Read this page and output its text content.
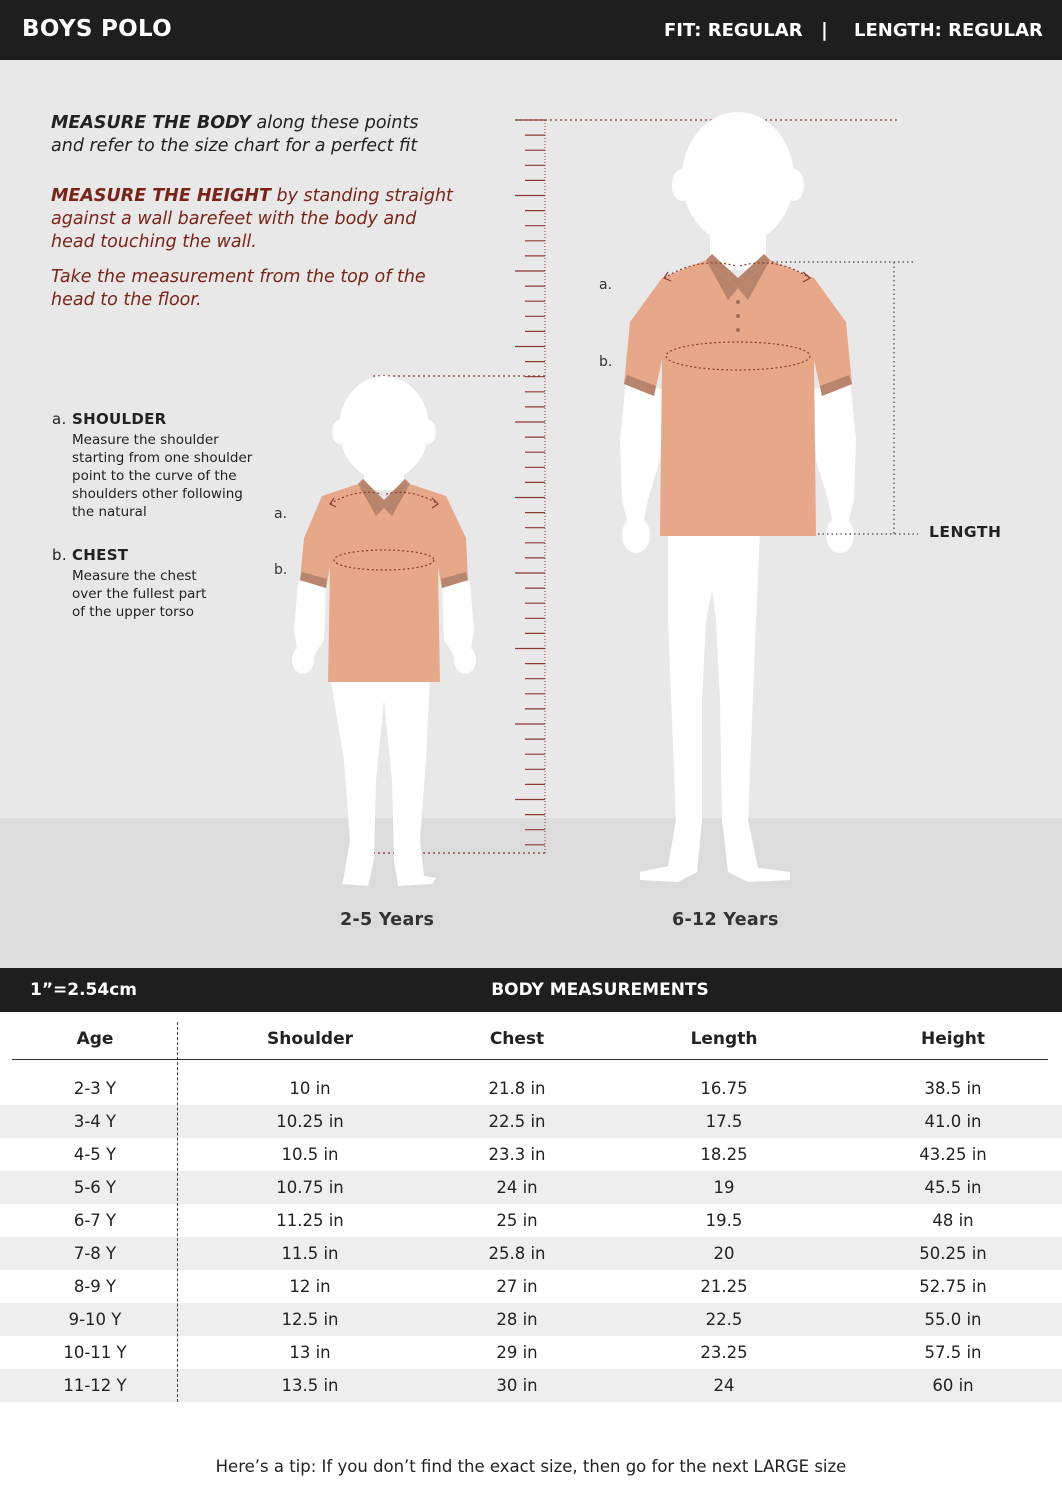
BOYS POLO	FIT: REGULAR | LENGTH: REGULAR
MEASURE THE BODY along these points
and refer to the size chart for a perfect fit
MEASURE THE HEIGHT by standing straight
against a wall barefeet with the body and
head touching the wall.
Take the measurement from the top of the
head to the floor.
a. SHOULDER
Measure the shoulder
starting from one shoulder
point to the curve of the
shoulders other following
the natural
b. CHEST
Measure the chest
over the fullest part
of the upper torso
a.
b.
a.
b.
LENGTH
2-5 Years	6-12 Years
1”=2.54cm	BODY MEASUREMENTS
Age	Shoulder	Chest	Length	Height

2-3 Y	10 in	21.8 in	16.75	38.5 in
3-4 Y	10.25 in	22.5 in	17.5	41.0 in
4-5 Y	10.5 in	23.3 in	18.25	43.25 in
5-6 Y	10.75 in	24 in	19	45.5 in
6-7 Y	11.25 in	25 in	19.5	48 in
7-8 Y	11.5 in	25.8 in	20	50.25 in
8-9 Y	12 in	27 in	21.25	52.75 in
9-10 Y	12.5 in	28 in	22.5	55.0 in
10-11 Y	13 in	29 in	23.25	57.5 in
11-12 Y	13.5 in	30 in	24	60 in
Here’s a tip: If you don’t find the exact size, then go for the next LARGE size
